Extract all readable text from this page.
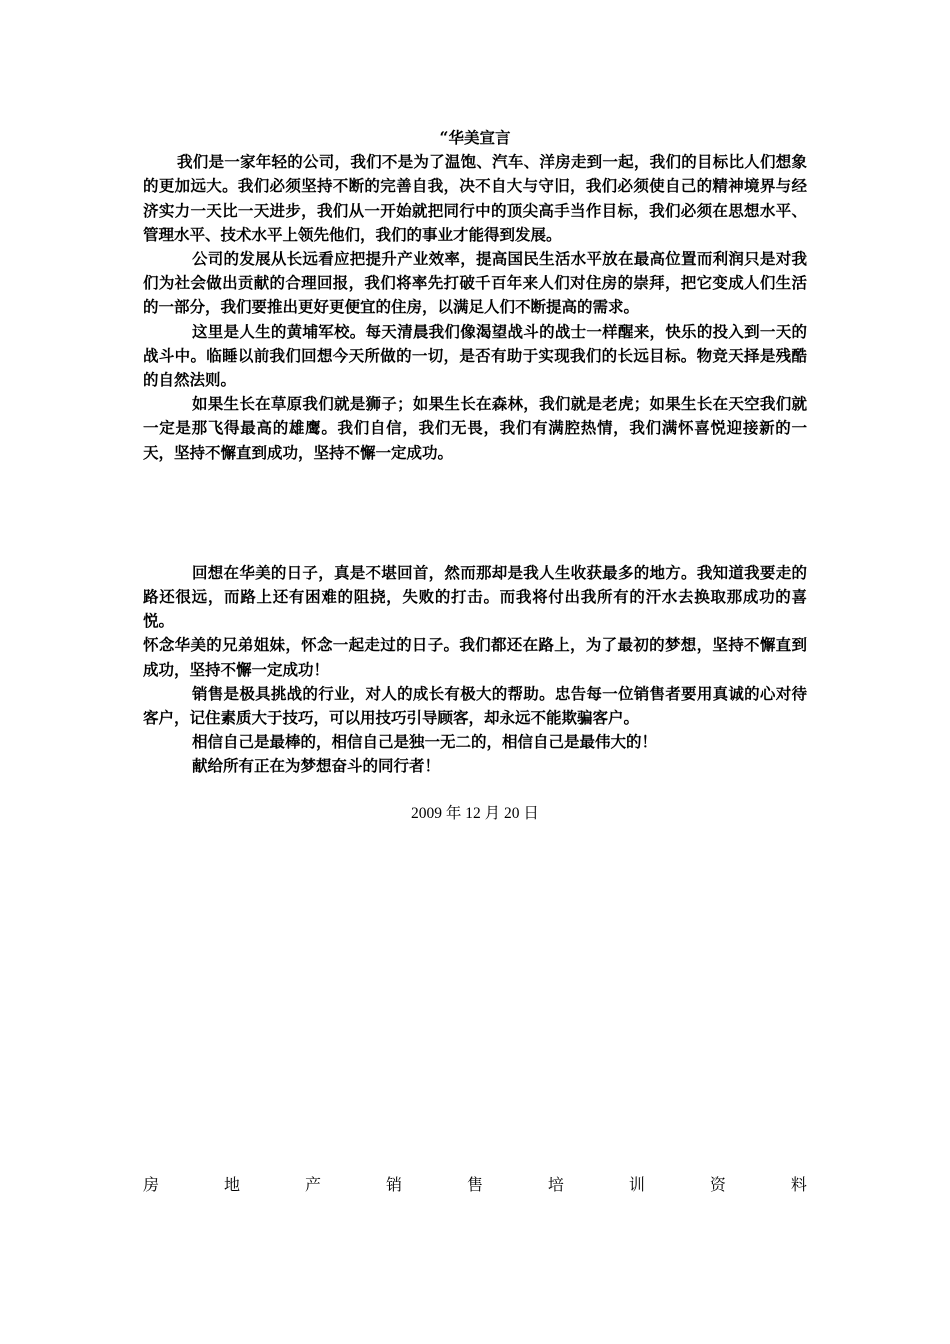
“华美宣言

我们是一家年轻的公司，我们不是为了温饱、汽车、洋房走到一起，我们的目标比人们想象的更加远大。我们必须坚持不断的完善自我，决不自大与守旧，我们必须使自己的精神境界与经济实力一天比一天进步，我们从一开始就把同行中的顶尖高手当作目标，我们必须在思想水平、管理水平、技术水平上领先他们，我们的事业才能得到发展。

公司的发展从长远看应把提升产业效率，提高国民生活水平放在最高位置而利润只是对我们为社会做出贡献的合理回报，我们将率先打破千百年来人们对住房的崇拜，把它变成人们生活的一部分，我们要推出更好更便宜的住房，以满足人们不断提高的需求。

这里是人生的黄埔军校。每天清晨我们像渴望战斗的战士一样醒来，快乐的投入到一天的战斗中。临睡以前我们回想今天所做的一切，是否有助于实现我们的长远目标。物竞天择是残酷的自然法则。

如果生长在草原我们就是狮子；如果生长在森林，我们就是老虎；如果生长在天空我们就一定是那飞得最高的雄鹰。我们自信，我们无畏，我们有满腔热情，我们满怀喜悦迎接新的一天，坚持不懈直到成功，坚持不懈一定成功。

回想在华美的日子，真是不堪回首，然而那却是我人生收获最多的地方。我知道我要走的路还很远，而路上还有困难的阻挠，失败的打击。而我将付出我所有的汗水去换取那成功的喜悦。

怀念华美的兄弟姐妹，怀念一起走过的日子。我们都还在路上，为了最初的梦想，坚持不懈直到成功，坚持不懈一定成功！

销售是极具挑战的行业，对人的成长有极大的帮助。忠告每一位销售者要用真诚的心对待客户，记住素质大于技巧，可以用技巧引导顾客，却永远不能欺骗客户。

相信自己是最棒的，相信自己是独一无二的，相信自己是最伟大的！

献给所有正在为梦想奋斗的同行者！

2009 年 12 月 20 日

房	地	产	销	售	培	训	资	料
